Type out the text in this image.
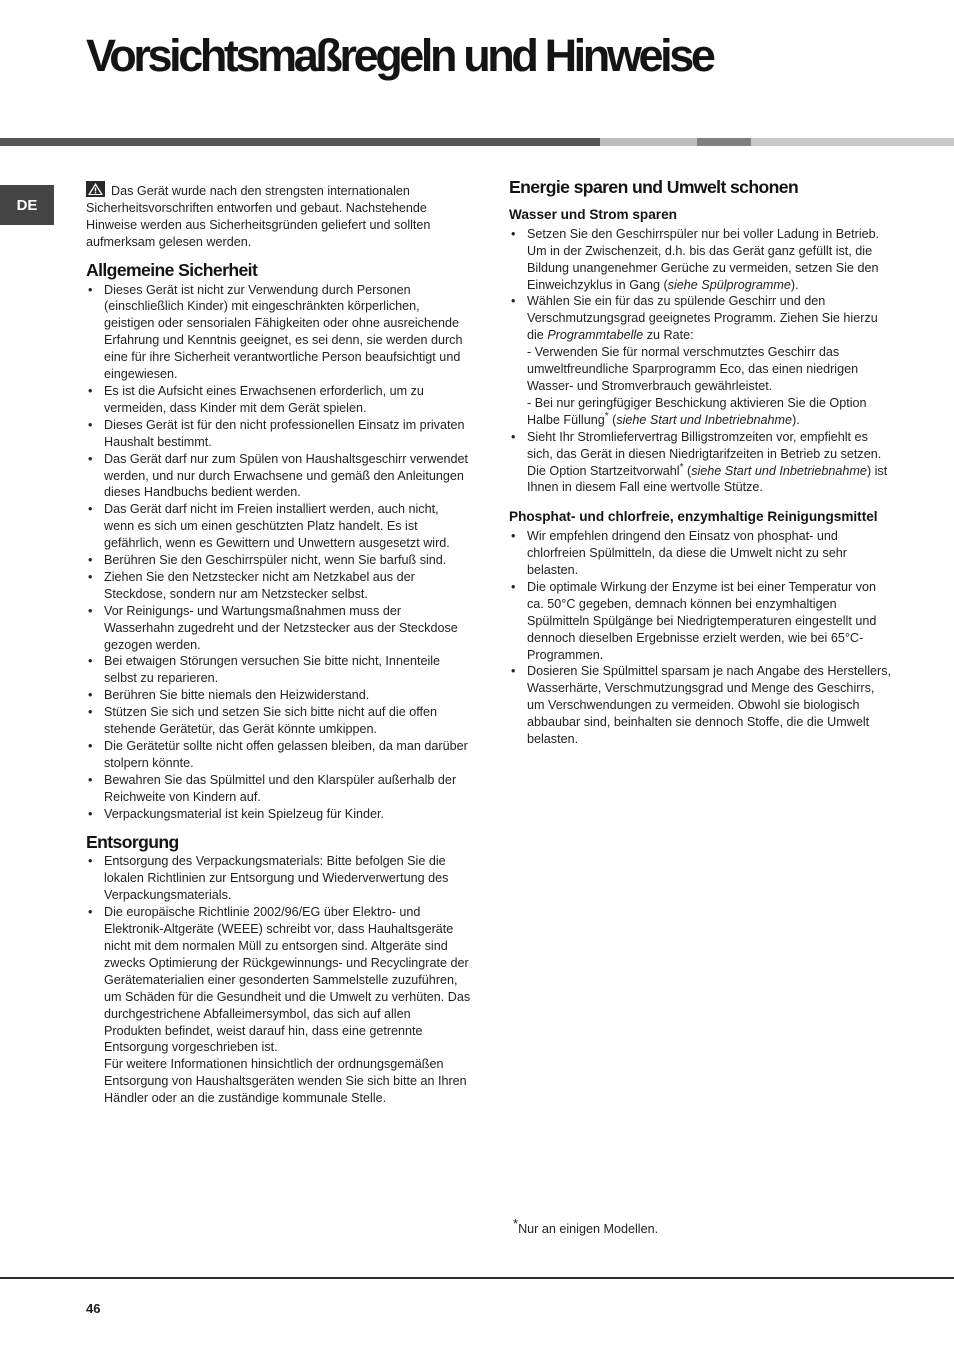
Vorsichtsmaßregeln und Hinweise
DE

Das Gerät wurde nach den strengsten internationalen Sicherheitsvorschriften entworfen und gebaut. Nachstehende Hinweise werden aus Sicherheitsgründen geliefert und sollten aufmerksam gelesen werden.

Allgemeine Sicherheit
• Dieses Gerät ist nicht zur Verwendung durch Personen (einschließlich Kinder) mit eingeschränkten körperlichen, geistigen oder sensorialen Fähigkeiten oder ohne ausreichende Erfahrung und Kenntnis geeignet, es sei denn, sie werden durch eine für ihre Sicherheit verantwortliche Person beaufsichtigt und eingewiesen.
• Es ist die Aufsicht eines Erwachsenen erforderlich, um zu vermeiden, dass Kinder mit dem Gerät spielen.
• Dieses Gerät ist für den nicht professionellen Einsatz im privaten Haushalt bestimmt.
• Das Gerät darf nur zum Spülen von Haushaltsgeschirr verwendet werden, und nur durch Erwachsene und gemäß den Anleitungen dieses Handbuchs bedient werden.
• Das Gerät darf nicht im Freien installiert werden, auch nicht, wenn es sich um einen geschützten Platz handelt. Es ist gefährlich, wenn es Gewittern und Unwettern ausgesetzt wird.
• Berühren Sie den Geschirrspüler nicht, wenn Sie barfuß sind.
• Ziehen Sie den Netzstecker nicht am Netzkabel aus der Steckdose, sondern nur am Netzstecker selbst.
• Vor Reinigungs- und Wartungsmaßnahmen muss der Wasserhahn zugedreht und der Netzstecker aus der Steckdose gezogen werden.
• Bei etwaigen Störungen versuchen Sie bitte nicht, Innenteile selbst zu reparieren.
• Berühren Sie bitte niemals den Heizwiderstand.
• Stützen Sie sich und setzen Sie sich bitte nicht auf die offen stehende Gerätetür, das Gerät könnte umkippen.
• Die Gerätetür sollte nicht offen gelassen bleiben, da man darüber stolpern könnte.
• Bewahren Sie das Spülmittel und den Klarspüler außerhalb der Reichweite von Kindern auf.
• Verpackungsmaterial ist kein Spielzeug für Kinder.
Entsorgung
• Entsorgung des Verpackungsmaterials: Bitte befolgen Sie die lokalen Richtlinien zur Entsorgung und Wiederverwertung des Verpackungsmaterials.
• Die europäische Richtlinie 2002/96/EG über Elektro- und Elektronik-Altgeräte (WEEE) schreibt vor, dass Hauhaltsgeräte nicht mit dem normalen Müll zu entsorgen sind. Altgeräte sind zwecks Optimierung der Rückgewinnungs- und Recyclingrate der Gerätematerialien einer gesonderten Sammelstelle zuzuführen, um Schäden für die Gesundheit und die Umwelt zu verhüten. Das durchgestrichene Abfalleimersymbol, das sich auf allen Produkten befindet, weist darauf hin, dass eine getrennte Entsorgung vorgeschrieben ist.
Für weitere Informationen hinsichtlich der ordnungsgemäßen Entsorgung von Haushaltsgeräten wenden Sie sich bitte an Ihren Händler oder an die zuständige kommunale Stelle.
Energie sparen und Umwelt schonen
Wasser und Strom sparen
• Setzen Sie den Geschirrspüler nur bei voller Ladung in Betrieb. Um in der Zwischenzeit, d.h. bis das Gerät ganz gefüllt ist, die Bildung unangenehmer Gerüche zu vermeiden, setzen Sie den Einweichzyklus in Gang (siehe Spülprogramme).
• Wählen Sie ein für das zu spülende Geschirr und den Verschmutzungsgrad geeignetes Programm. Ziehen Sie hierzu die Programmtabelle zu Rate:
- Verwenden Sie für normal verschmutztes Geschirr das umweltfreundliche Sparprogramm Eco, das einen niedrigen Wasser- und Stromverbrauch gewährleistet.
- Bei nur geringfügiger Beschickung aktivieren Sie die Option Halbe Füllung* (siehe Start und Inbetriebnahme).
• Sieht Ihr Stromliefervertrag Billigstromzeiten vor, empfiehlt es sich, das Gerät in diesen Niedrigtarifzeiten in Betrieb zu setzen. Die Option Startzeitvorwahl* (siehe Start und Inbetriebnahme) ist Ihnen in diesem Fall eine wertvolle Stütze.
Phosphat- und chlorfreie, enzymhaltige Reinigungsmittel
• Wir empfehlen dringend den Einsatz von phosphat- und chlorfreien Spülmitteln, da diese die Umwelt nicht zu sehr belasten.
• Die optimale Wirkung der Enzyme ist bei einer Temperatur von ca. 50°C gegeben, demnach können bei enzymhaltigen Spülmitteln Spülgänge bei Niedrigtemperaturen eingestellt und dennoch dieselben Ergebnisse erzielt werden, wie bei 65°C-Programmen.
• Dosieren Sie Spülmittel sparsam je nach Angabe des Herstellers, Wasserhärte, Verschmutzungsgrad und Menge des Geschirrs, um Verschwendungen zu vermeiden. Obwohl sie biologisch abbaubar sind, beinhalten sie dennoch Stoffe, die die Umwelt belasten.
*Nur an einigen Modellen.
46
